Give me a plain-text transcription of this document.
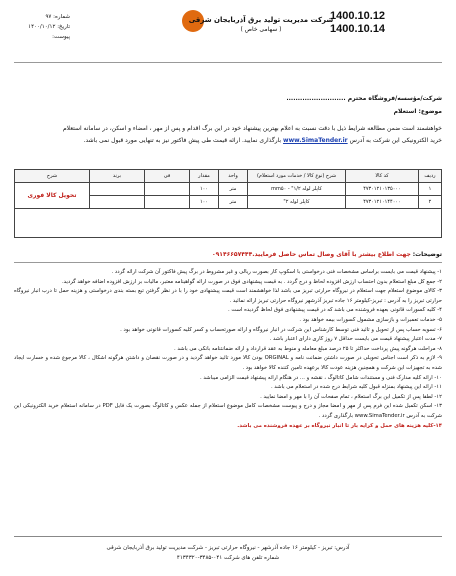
شماره: ۹۷
تاریخ: ۱۴۰۰/۱۰/۱۲
پیوست:
شرکت مدیریت تولید برق آذربایجان شرقی
( سهامی خاص )
1400.10.12
1400.10.14
شرکت/مؤسسه/فروشگاه محترم ..........................
موضوع: استعلام
خواهشمند است ضمن مطالعه شرایط ذیل با دقت نسبت به اعلام بهترین پیشنهاد خود در این برگ اقدام و پس از مهر ، امضاء و اسکن، در سامانه استعلام
خرید الکترونیکی این شرکت به آدرس www.SimaTender.ir بارگذاری نمایید. ارائه قیمت طی پیش فاکتور نیز به تنهایی مورد قبول نمی باشد.
ردیف	کد کالا	شرح (نوع کالا / خدمات مورد استعلام)	واحد	مقدار	فی	برند	شرح
۱	۴۷۳۰۱۲۱۰۱۳۵۰۰۰	کاپلر لوله ۱/۲" - mm۵۰	متر	۱۰۰			تحویل کالا فوری
۲	۴۷۳۰۱۲۱۰۱۴۴۰۰۰	کاپلر لوله ۲"	متر	۱۰۰			

توضیحات: جهت اطلاع بیشتر با آقای وصال تماس حاصل فرمایید.۰۹۱۴۶۶۵۷۴۴۴
۱- پیشنهاد قیمت می بایست براساس مشخصات فنی درخواستی با اسکوپ کار بصورت ریالی و غیر مشروط در برگ پیش فاکتور آن شرکت ارائه گردد .
۲- جمع کل مبلغ استعلام بدون احتساب ارزش افزوده لحاظ و درج گردد . به قیمت پیشنهادی فوق در صورت ارائه گواهینامه معتبر، مالیات بر ارزش افزوده اضافه خواهد گردید.
۳- کالای موضوع استعلام جهت استعلام در نیروگاه حرارتی تبریز می باشد لذا خواهشمند است قیمت پیشنهادی خود را با در نظر گرفتن تیع بسته بندی درخواستی و هزینه حمل تا درب انبار نیروگاه حرارتی تبریز را به آدرس : تبریز-کیلومتر ۱۶ جاده تبریز آذرشهر نیروگاه حرارتی تبریز ارائه نمائید .
۴- کلیه کسورات قانونی بعهده فروشنده می باشد که در قیمت پیشنهادی فوق لحاظ گردیده است .
۵- خدمات تعمیرات و بازسازی مشمول کسورات بیمه خواهد بود .
۶- تسویه حساب پس از تحویل و تائید فنی توسط کارشناس این شرکت در انبار نیروگاه و ارائه صورتحساب و کسر کلیه کسورات قانونی خواهد بود .
۷- مدت اعتبار پیشنهاد قیمت می بایست حداقل ۷ روز کاری دارای اعتبار باشد .
۸- مراحلت هرگونه پیش پرداخت حداکثر تا ۲۵ درصد مبلغ معامله و منوط به عقد قرارداد و ارائه ضمانتنامه بانکی می باشد .
۹- لازم به ذکر است اجناس تحویلی در صورت داشتن ضمانت نامه و ORGINAL بودن کالا مورد تائید خواهد گردید و در صورت نقصان و داشتن هرگونه اشکال ، کالا مرجوع شده و خسارت ایجاد شده به تجهیزات این شرکت و همچنین هزینه عودت کالا برعهده تامین کننده کالا خواهد بود .
۱۰- ارائه کلیه مدارک فنی و مستندات شامل کاتالوگ ، نقشه و ... در هنگام ارائه پیشنهاد قیمت الزامی میباشد .
۱۱- ارائه این پیشنهاد بمنزله قبول کلیه شرایط درج شده در استعلام می باشد .
۱۲- لطفا پس از تکمیل این برگ استعلام ، تمام صفحات آن را با مهر و امضا نمایید .
۱۳- اسکن تکمیل شده این فرم پس از مهر و امضا مجاز و درج و پیوست مشخصات کامل موضوع استعلام از جمله عکس و کاتالوگ بصورت یک فایل PDF در سامانه استعلام خرید الکترونیکی این شرکت به آدرس www.SimaTender.ir بارگذاری گردد .
۱۴-کلیه هزینه های حمل و کرایه بار تا انبار نیروگاه بر عهده فروشنده می باشد.
آدرس: تبریز - کیلومتر ۱۶ جاده آذرشهر - نیروگاه حرارتی تبریز - شرکت مدیریت تولید برق آذربایجان شرقی
شماره تلفن های شرکت ۰۴۱-۳۴۸۵-۴۱۳۴۳۲۰
